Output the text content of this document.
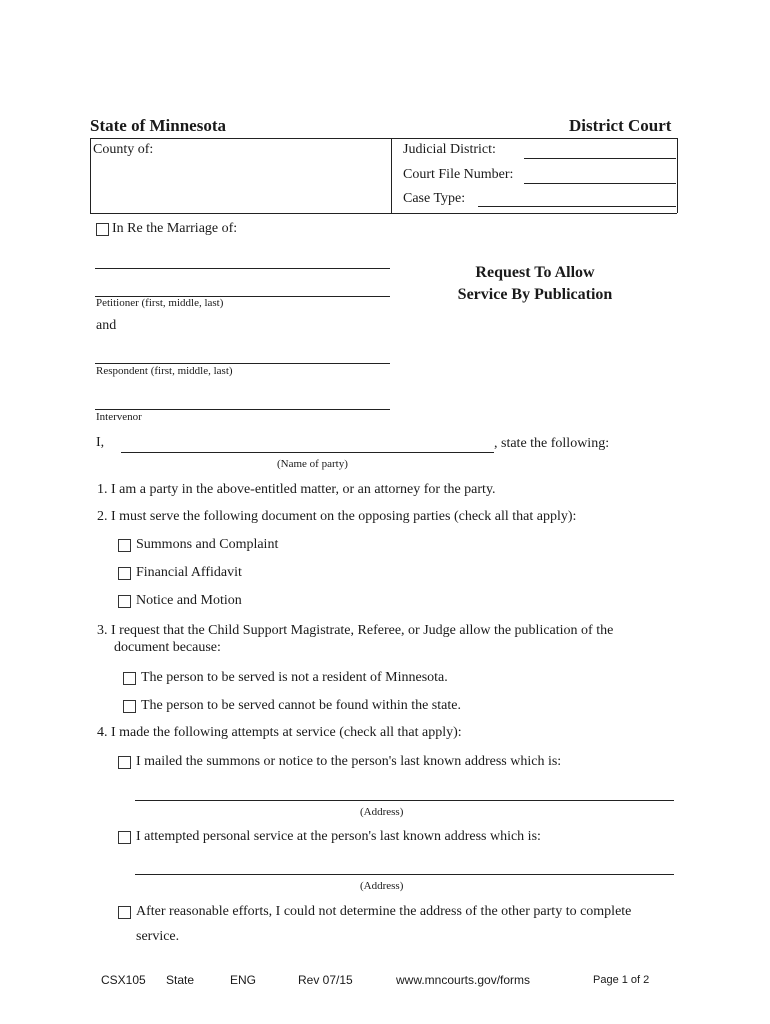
State of Minnesota	District Court
County of:	Judicial District:
Court File Number:
Case Type:
In Re the Marriage of:
Petitioner (first, middle, last)
and
Respondent (first, middle, last)
Intervenor
Request To Allow
Service By Publication
I,	, state the following:
(Name of party)
1. I am a party in the above-entitled matter, or an attorney for the party.
2. I must serve the following document on the opposing parties (check all that apply):
Summons and Complaint
Financial Affidavit
Notice and Motion
3. I request that the Child Support Magistrate, Referee, or Judge allow the publication of the
document because:
The person to be served is not a resident of Minnesota.
The person to be served cannot be found within the state.
4. I made the following attempts at service (check all that apply):
I mailed the summons or notice to the person's last known address which is:
(Address)
I attempted personal service at the person's last known address which is:
(Address)
After reasonable efforts, I could not determine the address of the other party to complete
service.
CSX105 State	ENG	Rev 07/15	www.mncourts.gov/forms	Page 1 of 2
